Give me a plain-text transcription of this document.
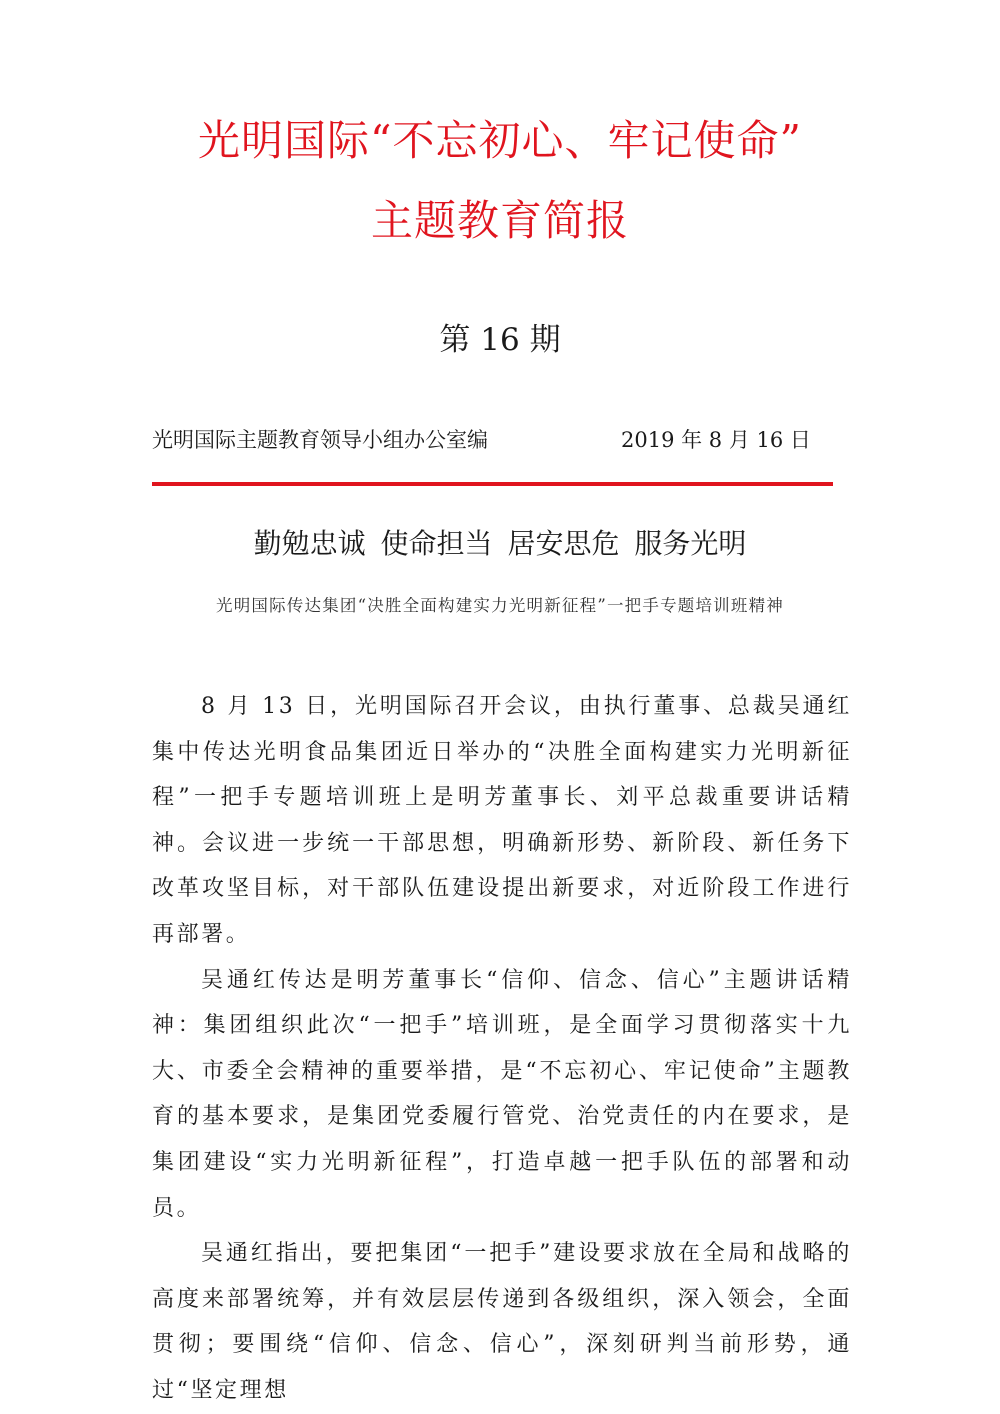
光明国际“不忘初心、牢记使命”
主题教育简报
第 16 期
光明国际主题教育领导小组办公室编	2019 年 8 月 16 日
勤勉忠诚 使命担当 居安思危 服务光明
光明国际传达集团“决胜全面构建实力光明新征程”一把手专题培训班精神

8 月 13 日，光明国际召开会议，由执行董事、总裁吴通红集中传达光明食品集团近日举办的“决胜全面构建实力光明新征程”一把手专题培训班上是明芳董事长、刘平总裁重要讲话精神。会议进一步统一干部思想，明确新形势、新阶段、新任务下改革攻坚目标，对干部队伍建设提出新要求，对近阶段工作进行再部署。

吴通红传达是明芳董事长“信仰、信念、信心”主题讲话精神：集团组织此次“一把手”培训班，是全面学习贯彻落实十九大、市委全会精神的重要举措，是“不忘初心、牢记使命”主题教育的基本要求，是集团党委履行管党、治党责任的内在要求，是集团建设“实力光明新征程”，打造卓越一把手队伍的部署和动员。

吴通红指出，要把集团“一把手”建设要求放在全局和战略的高度来部署统筹，并有效层层传递到各级组织，深入领会，全面贯彻；要围绕“信仰、信念、信心”，深刻研判当前形势，通过“坚定理想
